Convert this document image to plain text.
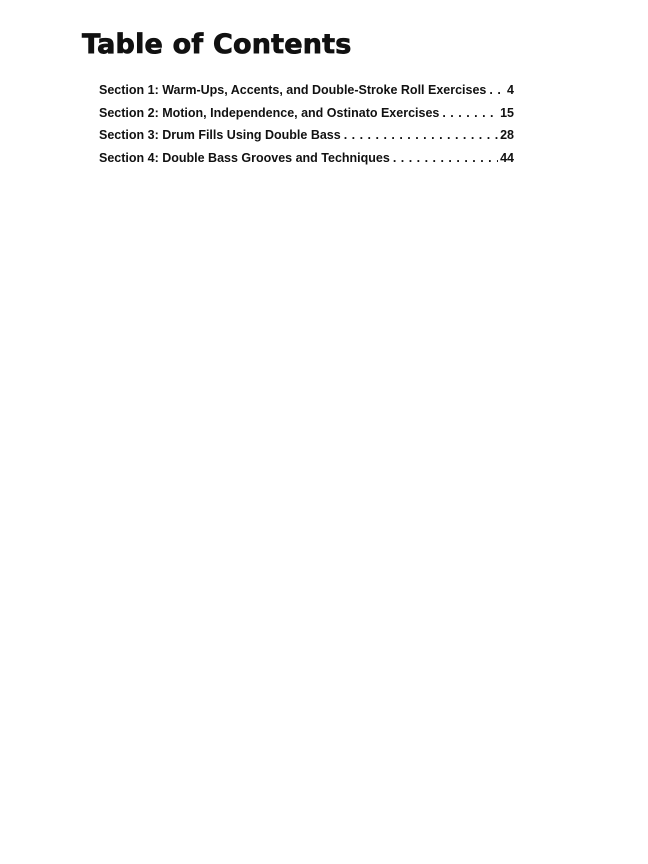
Table of Contents
Section 1: Warm-Ups, Accents, and Double-Stroke Roll Exercises . . . 4
Section 2: Motion, Independence, and Ostinato Exercises . . .	15
Section 3: Drum Fills Using Double Bass . . .	28
Section 4: Double Bass Grooves and Techniques . . .	44
